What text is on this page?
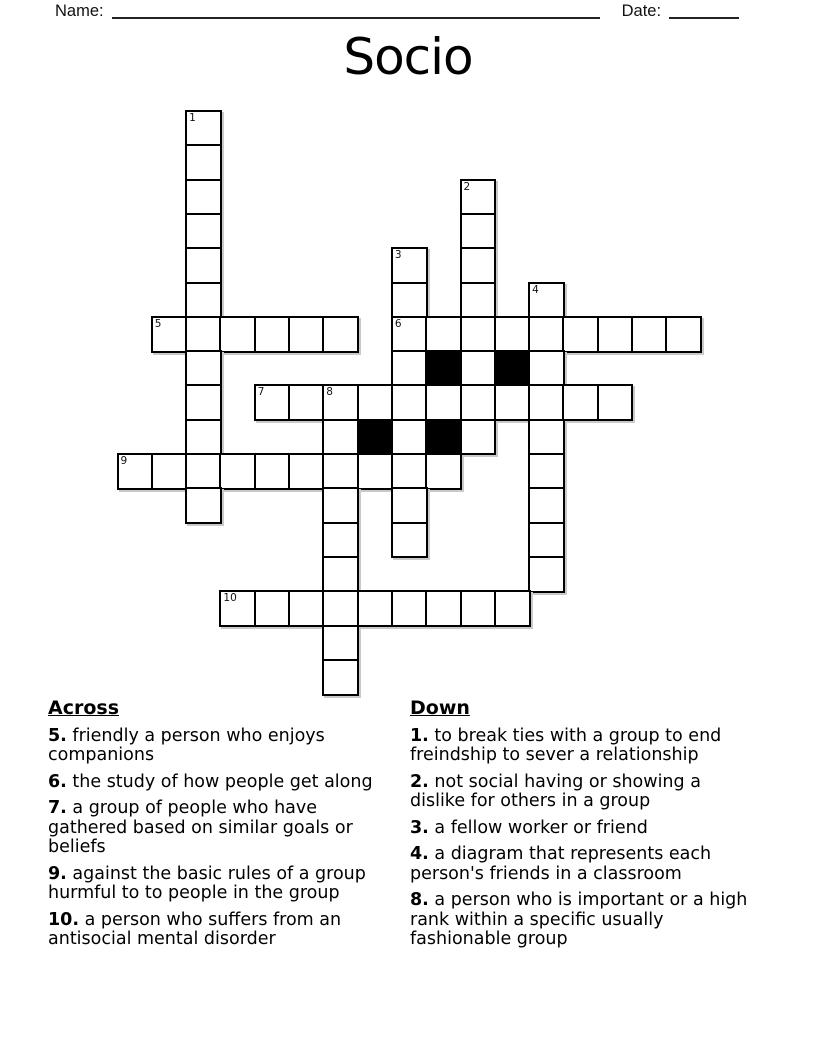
Name:	Date:
Socio
1
2
3
4
5	6
7	8
9
10
Across

5. friendly a person who enjoys companions

6. the study of how people get along

7. a group of people who have gathered based on similar goals or beliefs

9. against the basic rules of a group hurmful to to people in the group

10. a person who suffers from an antisocial mental disorder

Down

1. to break ties with a group to end freindship to sever a relationship

2. not social having or showing a dislike for others in a group

3. a fellow worker or friend

4. a diagram that represents each person's friends in a classroom

8. a person who is important or a high rank within a specific usually fashionable group
